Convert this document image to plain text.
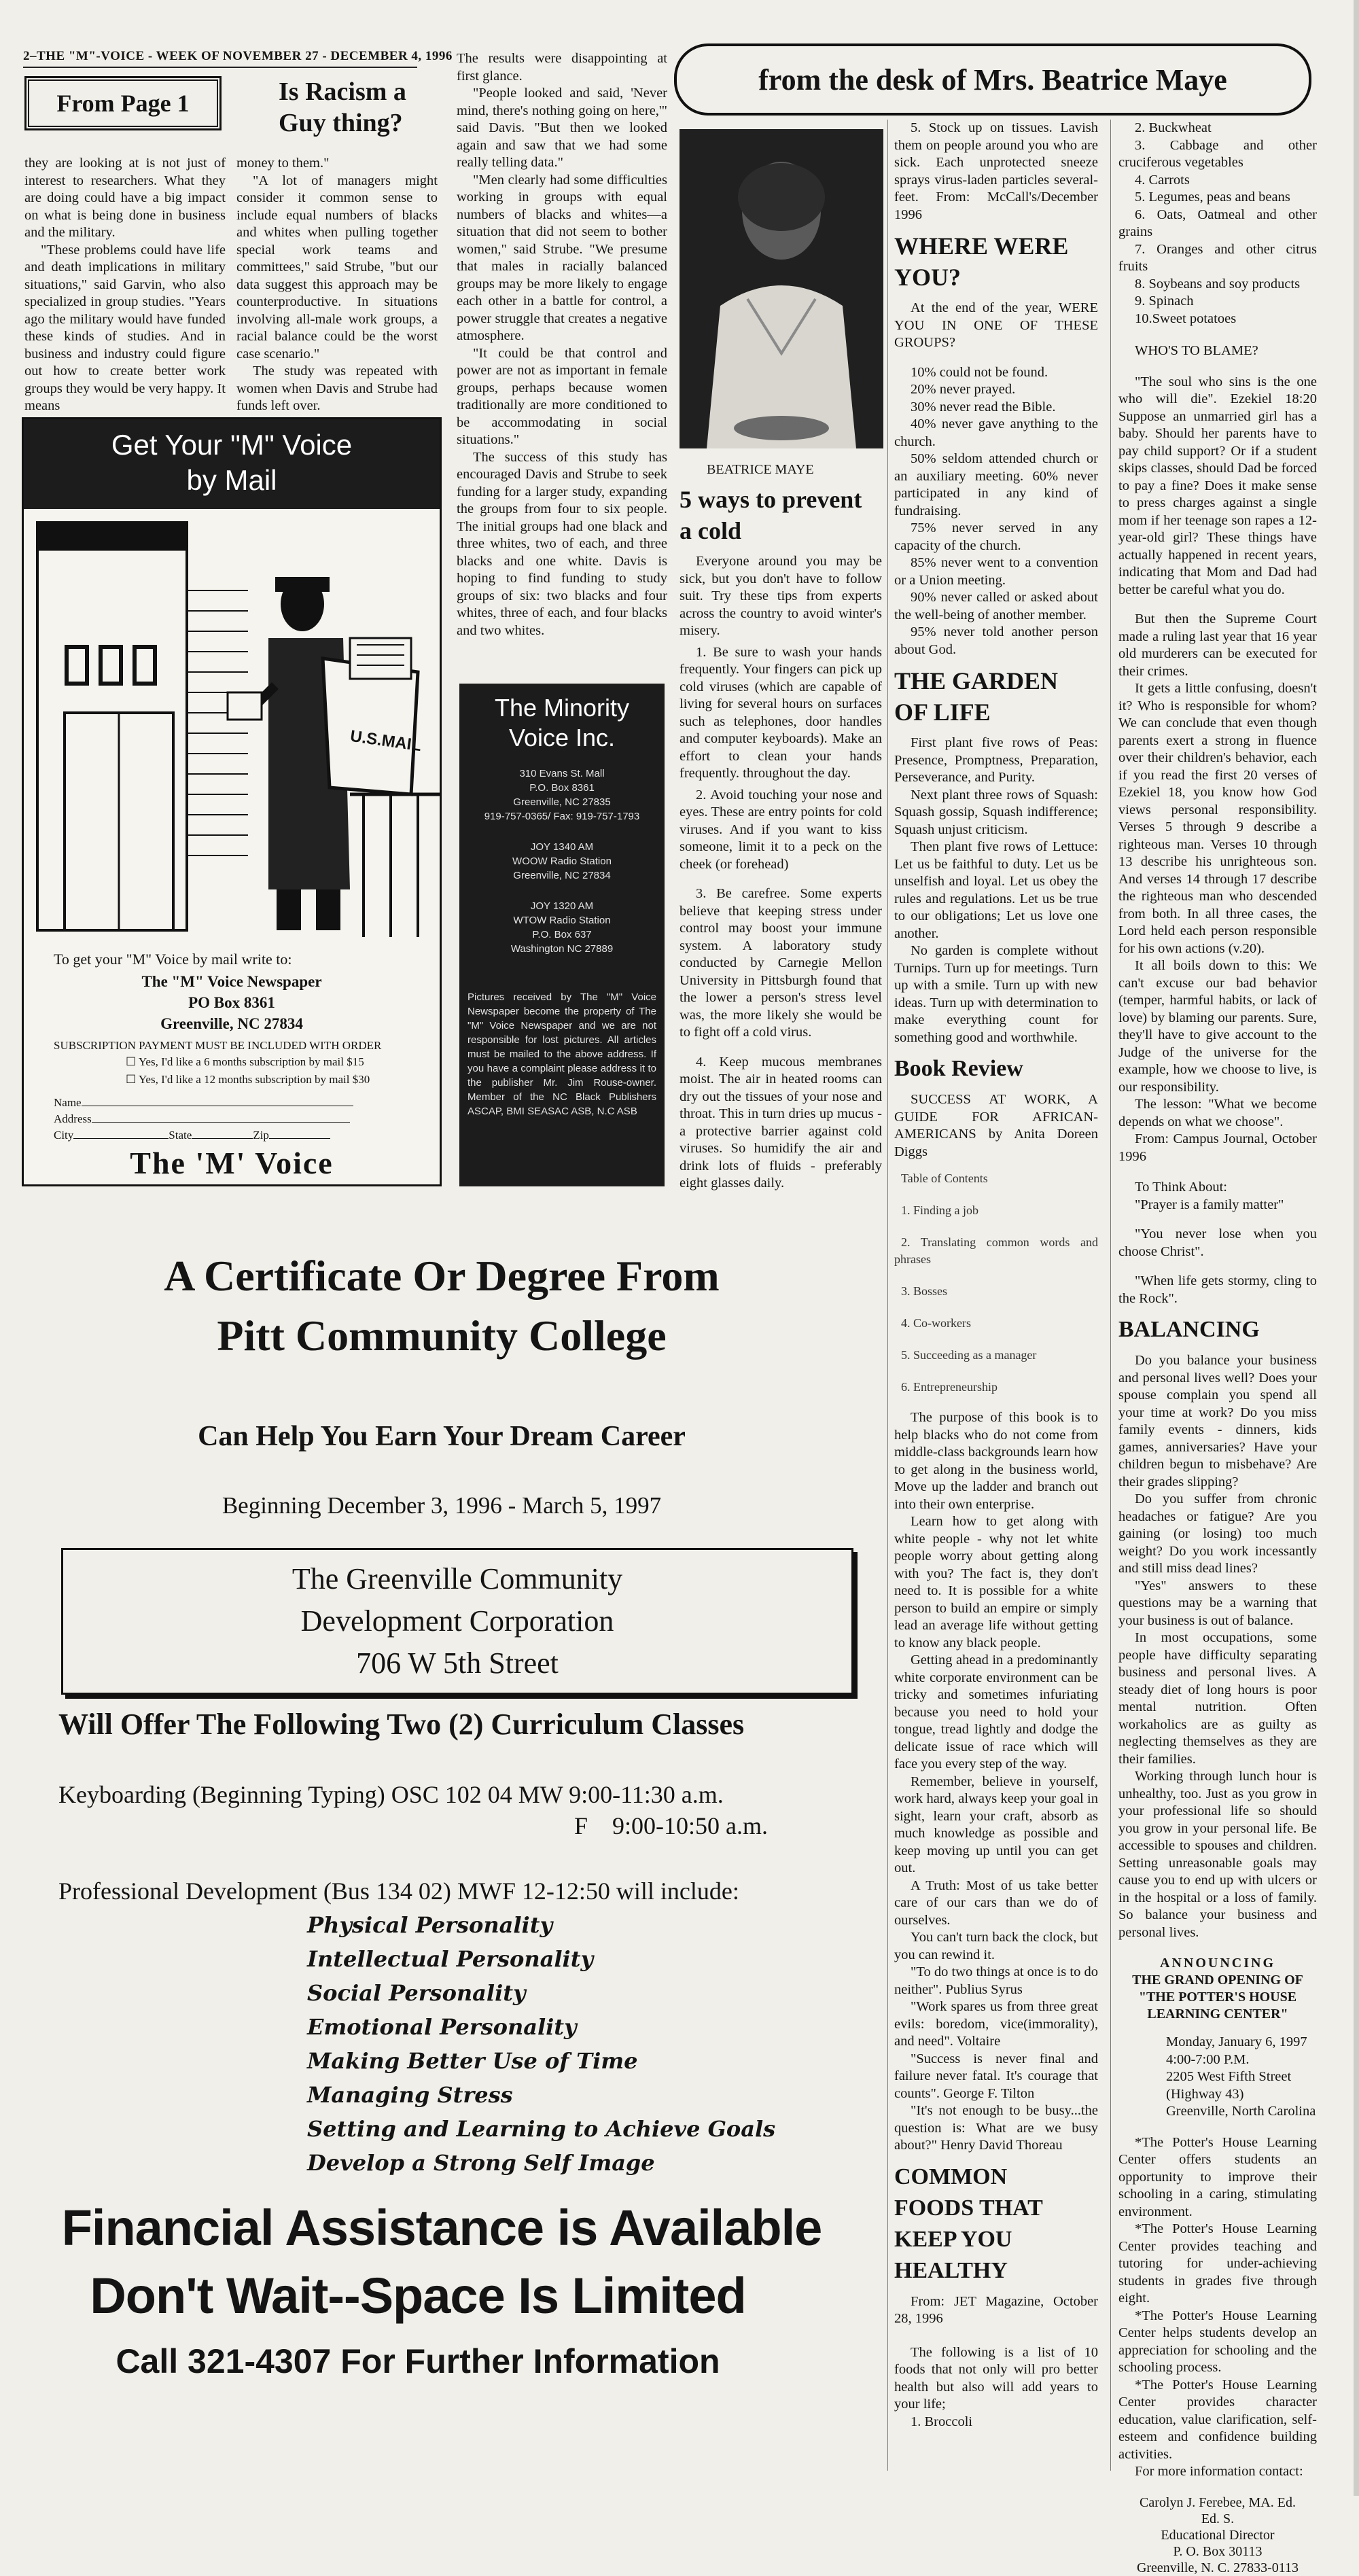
2–THE "M"-VOICE - WEEK OF NOVEMBER 27 - DECEMBER 4, 1996
From Page 1	Is Racism a
Guy thing?

they are looking at is not just of interest to researchers. What they are doing could have a big impact on what is being done in business and the military.

"These problems could have life and death implications in military situations," said Garvin, who also specialized in group studies. "Years ago the military would have funded these kinds of studies. And in business and industry could figure out how to create better work groups they would be very happy. It means

money to them."

"A lot of managers might consider it common sense to include equal numbers of blacks and whites when pulling together special work teams and committees," said Strube, "but our data suggest this approach may be counterproductive. In situations involving all-male work groups, a racial balance could be the worst case scenario."

The study was repeated with women when Davis and Strube had funds left over.

The results were disappointing at first glance.

"People looked and said, 'Never mind, there's nothing going on here,'" said Davis. "But then we looked again and saw that we had some really telling data."

"Men clearly had some difficulties working in groups with equal numbers of blacks and whites—a situation that did not seem to bother women," said Strube. "We presume that males in racially balanced groups may be more likely to engage each other in a battle for control, a power struggle that creates a negative atmosphere.

"It could be that control and power are not as important in female groups, perhaps because women traditionally are more conditioned to be accommodating in social situations."

The success of this study has encouraged Davis and Strube to seek funding for a larger study, expanding the groups from four to six people. The initial groups had one black and three whites, two of each, and three blacks and one white. Davis is hoping to find funding to study groups of six: two blacks and four whites, three of each, and four blacks and two whites.

Get Your "M" Voice
by Mail
U.S.MAIL
To get your "M" Voice by mail write to:
The "M" Voice Newspaper
PO Box 8361
Greenville, NC 27834
SUBSCRIPTION PAYMENT MUST BE INCLUDED WITH ORDER
☐ Yes, I'd like a 6 months subscription by mail $15
☐ Yes, I'd like a 12 months subscription by mail $30
Name
Address
City	State	Zip
The 'M' Voice
The Minority
Voice Inc.
310 Evans St. Mall
P.O. Box 8361
Greenville, NC 27835
919-757-0365/ Fax: 919-757-1793
JOY 1340 AM
WOOW Radio Station
Greenville, NC 27834
JOY 1320 AM
WTOW Radio Station
P.O. Box 637
Washington NC 27889
Pictures received by The "M" Voice Newspaper become the property of The "M" Voice Newspaper and we are not responsible for lost pictures. All articles must be mailed to the above address. If you have a complaint please address it to the publisher Mr. Jim Rouse-owner. Member of the NC Black Publishers ASCAP, BMI SEASAC ASB, N.C ASB
from the desk of Mrs. Beatrice Maye
BEATRICE MAYE
5 ways to prevent
a cold

Everyone around you may be sick, but you don't have to follow suit. Try these tips from experts across the country to avoid winter's misery.

1. Be sure to wash your hands frequently. Your fingers can pick up cold viruses (which are capable of living for several hours on surfaces such as telephones, door handles and computer keyboards). Make an effort to clean your hands frequently. throughout the day.

2. Avoid touching your nose and eyes. These are entry points for cold viruses. And if you want to kiss someone, limit it to a peck on the cheek (or forehead)

3. Be carefree. Some experts believe that keeping stress under control may boost your immune system. A laboratory study conducted by Carnegie Mellon University in Pittsburgh found that the lower a person's stress level was, the more likely she would be to fight off a cold virus.

4. Keep mucous membranes moist. The air in heated rooms can dry out the tissues of your nose and throat. This in turn dries up mucus - a protective barrier against cold viruses. So humidify the air and drink lots of fluids - preferably eight glasses daily.

5. Stock up on tissues. Lavish them on people around you who are sick. Each unprotected sneeze sprays virus-laden particles several-feet. From: McCall's/December 1996

WHERE WERE
YOU?

At the end of the year, WERE YOU IN ONE OF THESE GROUPS?

10% could not be found.

20% never prayed.

30% never read the Bible.

40% never gave anything to the church.

50% seldom attended church or an auxiliary meeting. 60% never participated in any kind of fundraising.

75% never served in any capacity of the church.

85% never went to a convention or a Union meeting.

90% never called or asked about the well-being of another member.

95% never told another person about God.

THE GARDEN
OF LIFE

First plant five rows of Peas: Presence, Promptness, Preparation, Perseverance, and Purity.

Next plant three rows of Squash: Squash gossip, Squash indifference; Squash unjust criticism.

Then plant five rows of Lettuce: Let us be faithful to duty. Let us be unselfish and loyal. Let us obey the rules and regulations. Let us be true to our obligations; Let us love one another.

No garden is complete without Turnips. Turn up for meetings. Turn up with a smile. Turn up with new ideas. Turn up with determination to make everything count for something good and worthwhile.

Book Review

SUCCESS AT WORK, A GUIDE FOR AFRICAN-AMERICANS by Anita Doreen Diggs

Table of Contents

1. Finding a job

2. Translating common words and phrases

3. Bosses

4. Co-workers

5. Succeeding as a manager

6. Entrepreneurship

The purpose of this book is to help blacks who do not come from middle-class backgrounds learn how to get along in the business world, Move up the ladder and branch out into their own enterprise.

Learn how to get along with white people - why not let white people worry about getting along with you? The fact is, they don't need to. It is possible for a white person to build an empire or simply lead an average life without getting to know any black people.

Getting ahead in a predominantly white corporate environment can be tricky and sometimes infuriating because you need to hold your tongue, tread lightly and dodge the delicate issue of race which will face you every step of the way.

Remember, believe in yourself, work hard, always keep your goal in sight, learn your craft, absorb as much knowledge as possible and keep moving up until you can get out.

A Truth: Most of us take better care of our cars than we do of ourselves.

You can't turn back the clock, but you can rewind it.

"To do two things at once is to do neither". Publius Syrus

"Work spares us from three great evils: boredom, vice(immorality), and need". Voltaire

"Success is never final and failure never fatal. It's courage that counts". George F. Tilton

"It's not enough to be busy...the question is: What are we busy about?" Henry David Thoreau

COMMON
FOODS THAT
KEEP YOU
HEALTHY

From: JET Magazine, October 28, 1996

The following is a list of 10 foods that not only will pro better health but also will add years to your life;

1. Broccoli

2. Buckwheat

3. Cabbage and other cruciferous vegetables

4. Carrots

5. Legumes, peas and beans

6. Oats, Oatmeal and other grains

7. Oranges and other citrus fruits

8. Soybeans and soy products

9. Spinach

10.Sweet potatoes

WHO'S TO BLAME?

"The soul who sins is the one who will die". Ezekiel 18:20 Suppose an unmarried girl has a baby. Should her parents have to pay child support? Or if a student skips classes, should Dad be forced to pay a fine? Does it make sense to press charges against a single mom if her teenage son rapes a 12-year-old girl? These things have actually happened in recent years, indicating that Mom and Dad had better be careful what you do.

But then the Supreme Court made a ruling last year that 16 year old murderers can be executed for their crimes.

It gets a little confusing, doesn't it? Who is responsible for whom? We can conclude that even though parents exert a strong in fluence over their children's behavior, each if you read the first 20 verses of Ezekiel 18, you know how God views personal responsibility. Verses 5 through 9 describe a righteous man. Verses 10 through 13 describe his unrighteous son. And verses 14 through 17 describe the righteous man who descended from both. In all three cases, the Lord held each person responsible for his own actions (v.20).

It all boils down to this: We can't excuse our bad behavior (temper, harmful habits, or lack of love) by blaming our parents. Sure, they'll have to give account to the Judge of the universe for the example, how we choose to live, is our responsibility.

The lesson: "What we become depends on what we choose".

From: Campus Journal, October 1996

To Think About:

"Prayer is a family matter"

"You never lose when you choose Christ".

"When life gets stormy, cling to the Rock".

BALANCING

Do you balance your business and personal lives well? Does your spouse complain you spend all your time at work? Do you miss family events - dinners, kids games, anniversaries? Have your children begun to misbehave? Are their grades slipping?

Do you suffer from chronic headaches or fatigue? Are you gaining (or losing) too much weight? Do you work incessantly and still miss dead lines?

"Yes" answers to these questions may be a warning that your business is out of balance.

In most occupations, some people have difficulty separating business and personal lives. A steady diet of long hours is poor mental nutrition. Often workaholics are as guilty as neglecting themselves as they are their families.

Working through lunch hour is unhealthy, too. Just as you grow in your professional life so should you grow in your personal life. Be accessible to spouses and children. Setting unreasonable goals may cause you to end up with ulcers or in the hospital or a loss of family. So balance your business and personal lives.

ANNOUNCING
THE GRAND OPENING OF
"THE POTTER'S HOUSE
LEARNING CENTER"
Monday, January 6, 1997
4:00-7:00 P.M.
2205 West Fifth Street
(Highway 43)
Greenville, North Carolina

*The Potter's House Learning Center offers students an opportunity to improve their schooling in a caring, stimulating environment.

*The Potter's House Learning Center provides teaching and tutoring for under-achieving students in grades five through eight.

*The Potter's House Learning Center helps students develop an appreciation for schooling and the schooling process.

*The Potter's House Learning Center provides character education, value clarification, self-esteem and confidence building activities.

For more information contact:

Carolyn J. Ferebee, MA. Ed.
Ed. S.
Educational Director
P. O. Box 30113
Greenville, N. C. 27833-0113
A Certificate Or Degree From
Pitt Community College
Can Help You Earn Your Dream Career
Beginning December 3, 1996 - March 5, 1997
The Greenville Community
Development Corporation
706 W 5th Street
Will Offer The Following Two (2) Curriculum Classes
Keyboarding (Beginning Typing) OSC 102 04 MW 9:00-11:30 a.m.
F    9:00-10:50 a.m.
Professional Development (Bus 134 02) MWF 12-12:50 will include:
Physical Personality
Intellectual Personality
Social Personality
Emotional Personality
Making Better Use of Time
Managing Stress
Setting and Learning to Achieve Goals
Develop a Strong Self Image
Financial Assistance is Available
Don't Wait--Space Is Limited
Call 321-4307 For Further Information
